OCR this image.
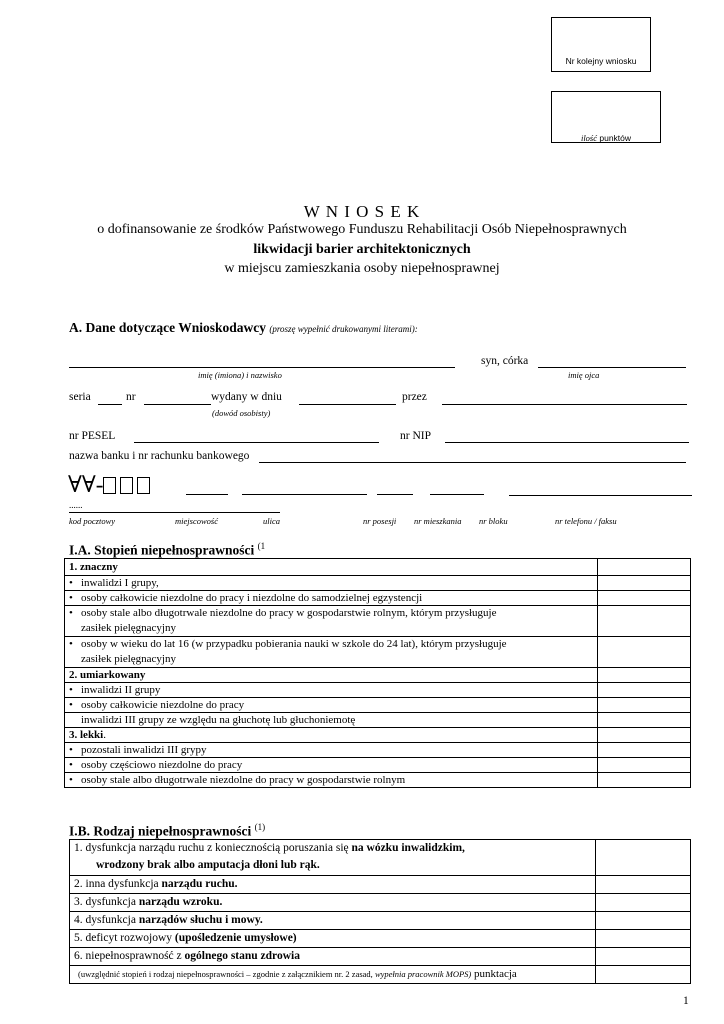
Nr kolejny wniosku
ilość punktów
W N I O S E K
o dofinansowanie ze środków Państwowego Funduszu Rehabilitacji Osób Niepełnosprawnych
likwidacji barier architektonicznych
w miejscu zamieszkania osoby niepełnosprawnej
A. Dane dotyczące Wnioskodawcy (proszę wypełnić drukowanymi literami):
syn, córka
imię (imiona) i nazwisko	imię ojca
seria	nr	wydany w dniu	przez
(dowód osobisty)
nr PESEL	nr NIP
nazwa banku i nr rachunku bankowego
∀∀-
......
kod pocztowy	miejscowość	ulica	nr posesji nr mieszkania nr bloku	nr telefonu / faksu
I.A. Stopień niepełnosprawności $^{(1}$
1. znaczny	
• inwalidzi I grupy,	
• osoby całkowicie niezdolne do pracy i niezdolne do samodzielnej egzystencji	
• osoby stale albo długotrwale niezdolne do pracy w gospodarstwie rolnym, którym przysługuje
zasiłek pielęgnacyjny	
• osoby w wieku do lat 16 (w przypadku pobierania nauki w szkole do 24 lat), którym przysługuje
zasiłek pielęgnacyjny	
2. umiarkowany	
• inwalidzi II grupy	
• osoby całkowicie niezdolne do pracy	
inwalidzi III grupy ze względu na głuchotę lub głuchoniemotę	
3. lekki.	
• pozostali inwalidzi III grypy	
• osoby częściowo niezdolne do pracy	
• osoby stale albo długotrwale niezdolne do pracy w gospodarstwie rolnym	
I.B. Rodzaj niepełnosprawności $^{(1)}$
1. dysfunkcja narządu ruchu z koniecznością poruszania się na wózku inwalidzkim,
wrodzony brak albo amputacja dłoni lub rąk.	
2. inna dysfunkcja narządu ruchu.	
3. dysfunkcja narządu wzroku.	
4. dysfunkcja narządów słuchu i mowy.	
5. deficyt rozwojowy (upośledzenie umysłowe)	
6. niepełnosprawność z ogólnego stanu zdrowia	
(uwzględnić stopień i rodzaj niepełnosprawności – zgodnie z załącznikiem nr. 2 zasad, wypełnia pracownik MOPS) punktacja	
1
